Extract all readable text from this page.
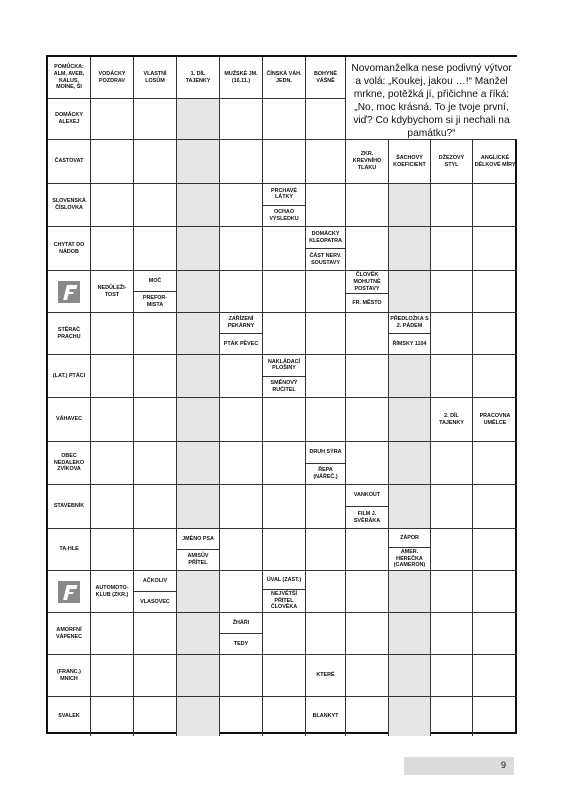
POMŮCKA: ALM, AVEB, KALUS, MOINE, ŠI
VODÁCKÝ POZDRAV
VLASTNÍ LOSŮM
1. DÍL TAJENKY
MUŽSKÉ JM. (16.11.)
ČÍNSKÁ VÁH. JEDN.
BOHYNĚ VÁŠNĚ
DOMÁCKY ALEXEJ
ČASTOVAT
ZKR. KREVNÍHO TLAKU
ŠACHOVÝ KOEFICIENT
DŽEZOVÝ STYL
ANGLICKÉ DÉLKOVÉ MÍRY
SLOVENSKÁ ČÍSLOVKA
PRCHAVÉ LÁTKY
OCHAO VÝSLEDKU
CHYTAT DO NÁDOB
DOMÁCKY KLEOPATRA
ČÁST NERV. SOUSTAVY
NEDŮLEŽI- TOST
MOČ
PREFOR- MISTA
ČLOVĚK MOHUTNÉ POSTAVY
FR. MĚSTO
STĚRAČ PRACHU
ZAŘÍZENÍ PEKÁRNY
PTÁK PĚVEC
PŘEDLOŽKA S 2. PÁDEM
ŘÍMSKY 1104
(LAT.) PTÁCI
NAKLÁDACÍ PLOŠINY
SMĚNOVÝ RUČITEL
VÁHAVEC
2. DÍL TAJENKY
PRACOVNA UMĚLCE
OBEC NEDALEKO ZVÍKOVA
DRUH SÝRA
ŘEPA (NÁŘEČ.)
STAVEBNÍK
VANKOUT
FILM J. SVĚRÁKA
TA-HLE
JMÉNO PSA
AMISŮV PŘÍTEL
ZÁPOR
AMER. HEREČKA (CAMERON)
AUTOMOTO- KLUB (ZKR.)
AČKOLIV
VLASOVEC
ÚVAL (ZAST.)
NEJVĚTŠÍ PŘÍTEL ČLOVĚKA
AMORFNÍ VÁPENEC
ŽHÁŘI
TEDY
(FRANC.) MNICH
KTERÉ
SVALEK	BLANKYT
Novomanželka nese podivný výtvor a volá: „Koukej, jakou …!“ Manžel mrkne, potěžká jí, přičichne a říká: „No, moc krásná. To je tvoje první, viď? Co kdybychom si ji nechali na památku?“
9
